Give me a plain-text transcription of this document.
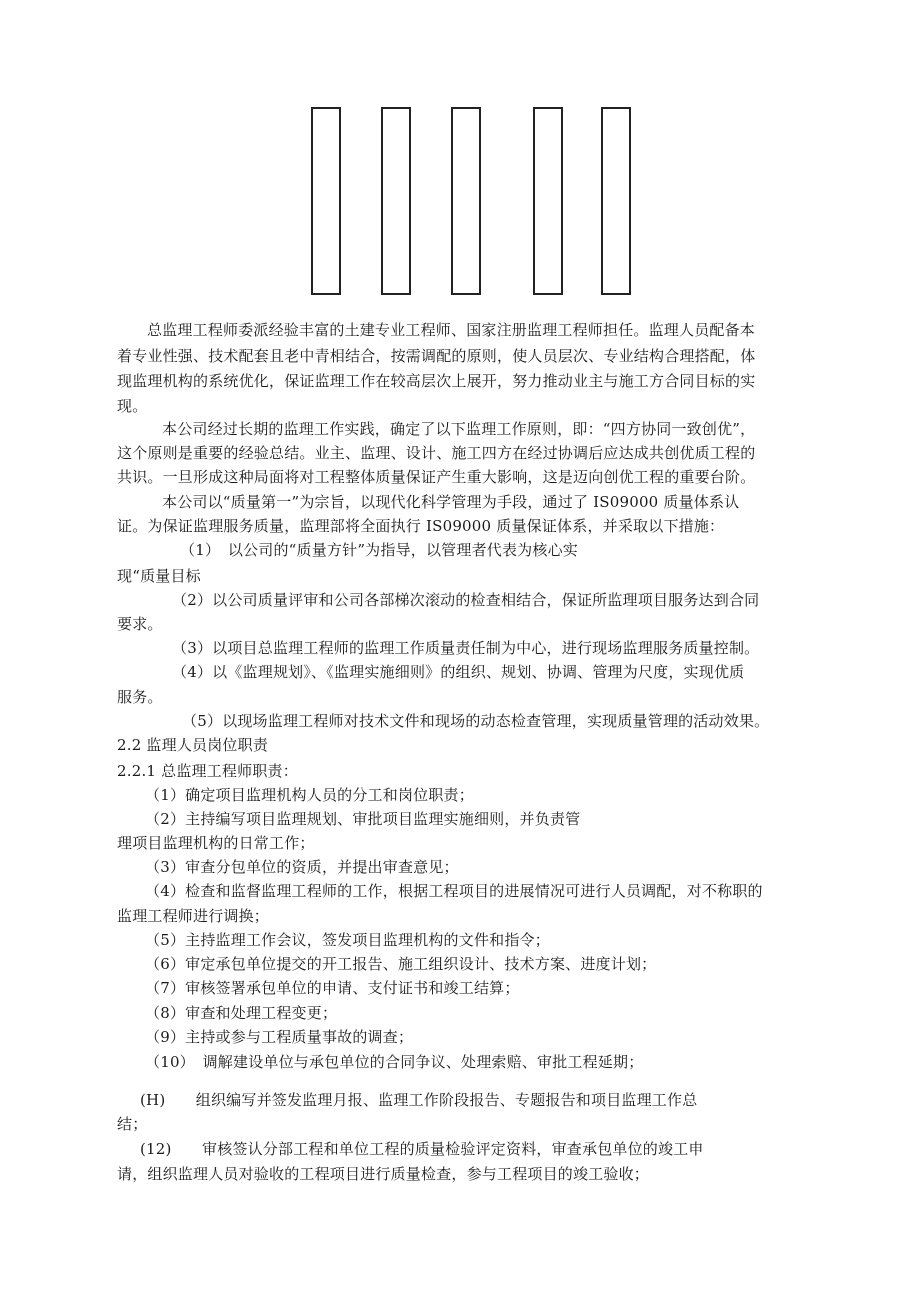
总监理工程师委派经验丰富的土建专业工程师、国家注册监理工程师担任。监理人员配备本
着专业性强、技术配套且老中青相结合，按需调配的原则，使人员层次、专业结构合理搭配，体
现监理机构的系统优化，保证监理工作在较高层次上展开，努力推动业主与施工方合同目标的实
现。
本公司经过长期的监理工作实践，确定了以下监理工作原则，即：“四方协同一致创优”，
这个原则是重要的经验总结。业主、监理、设计、施工四方在经过协调后应达成共创优质工程的
共识。一旦形成这种局面将对工程整体质量保证产生重大影响，这是迈向创优工程的重要台阶。
本公司以“质量第一”为宗旨，以现代化科学管理为手段，通过了 IS09000 质量体系认
证。为保证监理服务质量，监理部将全面执行 IS09000 质量保证体系，并采取以下措施：
（1）　以公司的“质量方针”为指导，以管理者代表为核心实
现“质量目标
（2）以公司质量评审和公司各部梯次滚动的检查相结合，保证所监理项目服务达到合同
要求。
（3）以项目总监理工程师的监理工作质量责任制为中心，进行现场监理服务质量控制。
（4）以《监理规划》、《监理实施细则》的组织、规划、协调、管理为尺度，实现优质
服务。
（5）以现场监理工程师对技术文件和现场的动态检查管理，实现质量管理的活动效果。
2.2 监理人员岗位职责
2.2.1 总监理工程师职责：
（1）确定项目监理机构人员的分工和岗位职责；
（2）主持编写项目监理规划、审批项目监理实施细则，并负责管
理项目监理机构的日常工作；
（3）审查分包单位的资质，并提出审查意见；
（4）检查和监督监理工程师的工作，根据工程项目的进展情况可进行人员调配，对不称职的
监理工程师进行调换；
（5）主持监理工作会议，签发项目监理机构的文件和指令；
（6）审定承包单位提交的开工报告、施工组织设计、技术方案、进度计划；
（7）审核签署承包单位的申请、支付证书和竣工结算；
（8）审查和处理工程变更；
（9）主持或参与工程质量事故的调查；
（10）　调解建设单位与承包单位的合同争议、处理索赔、审批工程延期；
(H)　　组织编写并签发监理月报、监理工作阶段报告、专题报告和项目监理工作总
结；
(12)　　审核签认分部工程和单位工程的质量检验评定资料，审查承包单位的竣工申
请，组织监理人员对验收的工程项目进行质量检查，参与工程项目的竣工验收；
